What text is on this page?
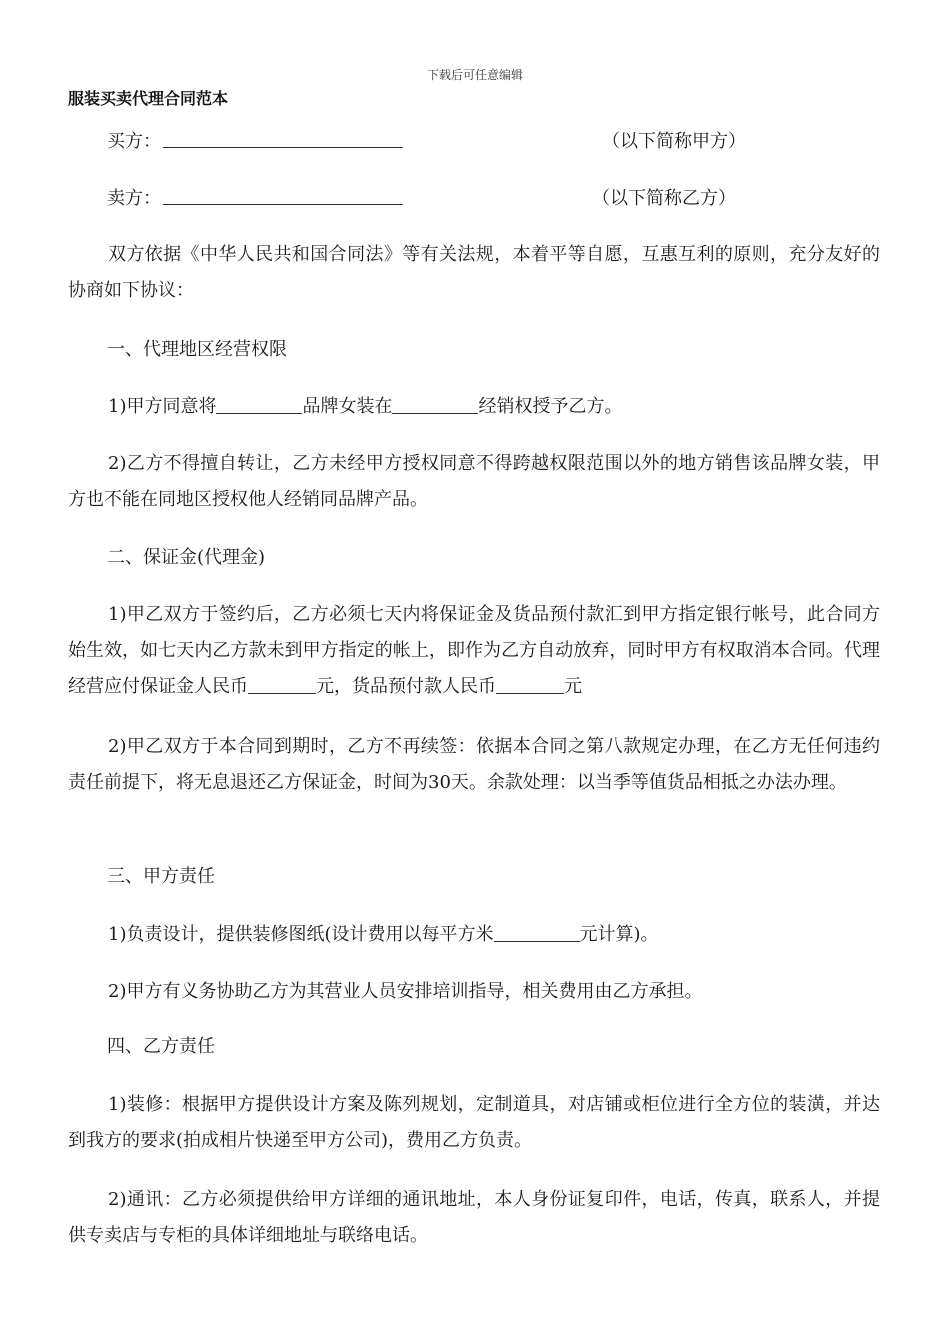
下载后可任意编辑
服装买卖代理合同范本
买方：	（以下简称甲方）
卖方：	（以下简称乙方）

双方依据《中华人民共和国合同法》等有关法规，本着平等自愿，互惠互利的原则，充分友好的协商如下协议：

一、代理地区经营权限

1)甲方同意将	品牌女装在	经销权授予乙方。

2)乙方不得擅自转让，乙方未经甲方授权同意不得跨越权限范围以外的地方销售该品牌女装，甲方也不能在同地区授权他人经销同品牌产品。

二、保证金(代理金)

1)甲乙双方于签约后，乙方必须七天内将保证金及货品预付款汇到甲方指定银行帐号，此合同方始生效，如七天内乙方款未到甲方指定的帐上，即作为乙方自动放弃，同时甲方有权取消本合同。代理经营应付保证金人民币	元，货品预付款人民币	元

2)甲乙双方于本合同到期时，乙方不再续签：依据本合同之第八款规定办理，在乙方无任何违约责任前提下，将无息退还乙方保证金，时间为30天。余款处理：以当季等值货品相抵之办法办理。

三、甲方责任

1)负责设计，提供装修图纸(设计费用以每平方米	元计算)。

2)甲方有义务协助乙方为其营业人员安排培训指导，相关费用由乙方承担。

四、乙方责任

1)装修：根据甲方提供设计方案及陈列规划，定制道具，对店铺或柜位进行全方位的装潢，并达到我方的要求(拍成相片快递至甲方公司)，费用乙方负责。

2)通讯：乙方必须提供给甲方详细的通讯地址，本人身份证复印件，电话，传真，联系人，并提供专卖店与专柜的具体详细地址与联络电话。
